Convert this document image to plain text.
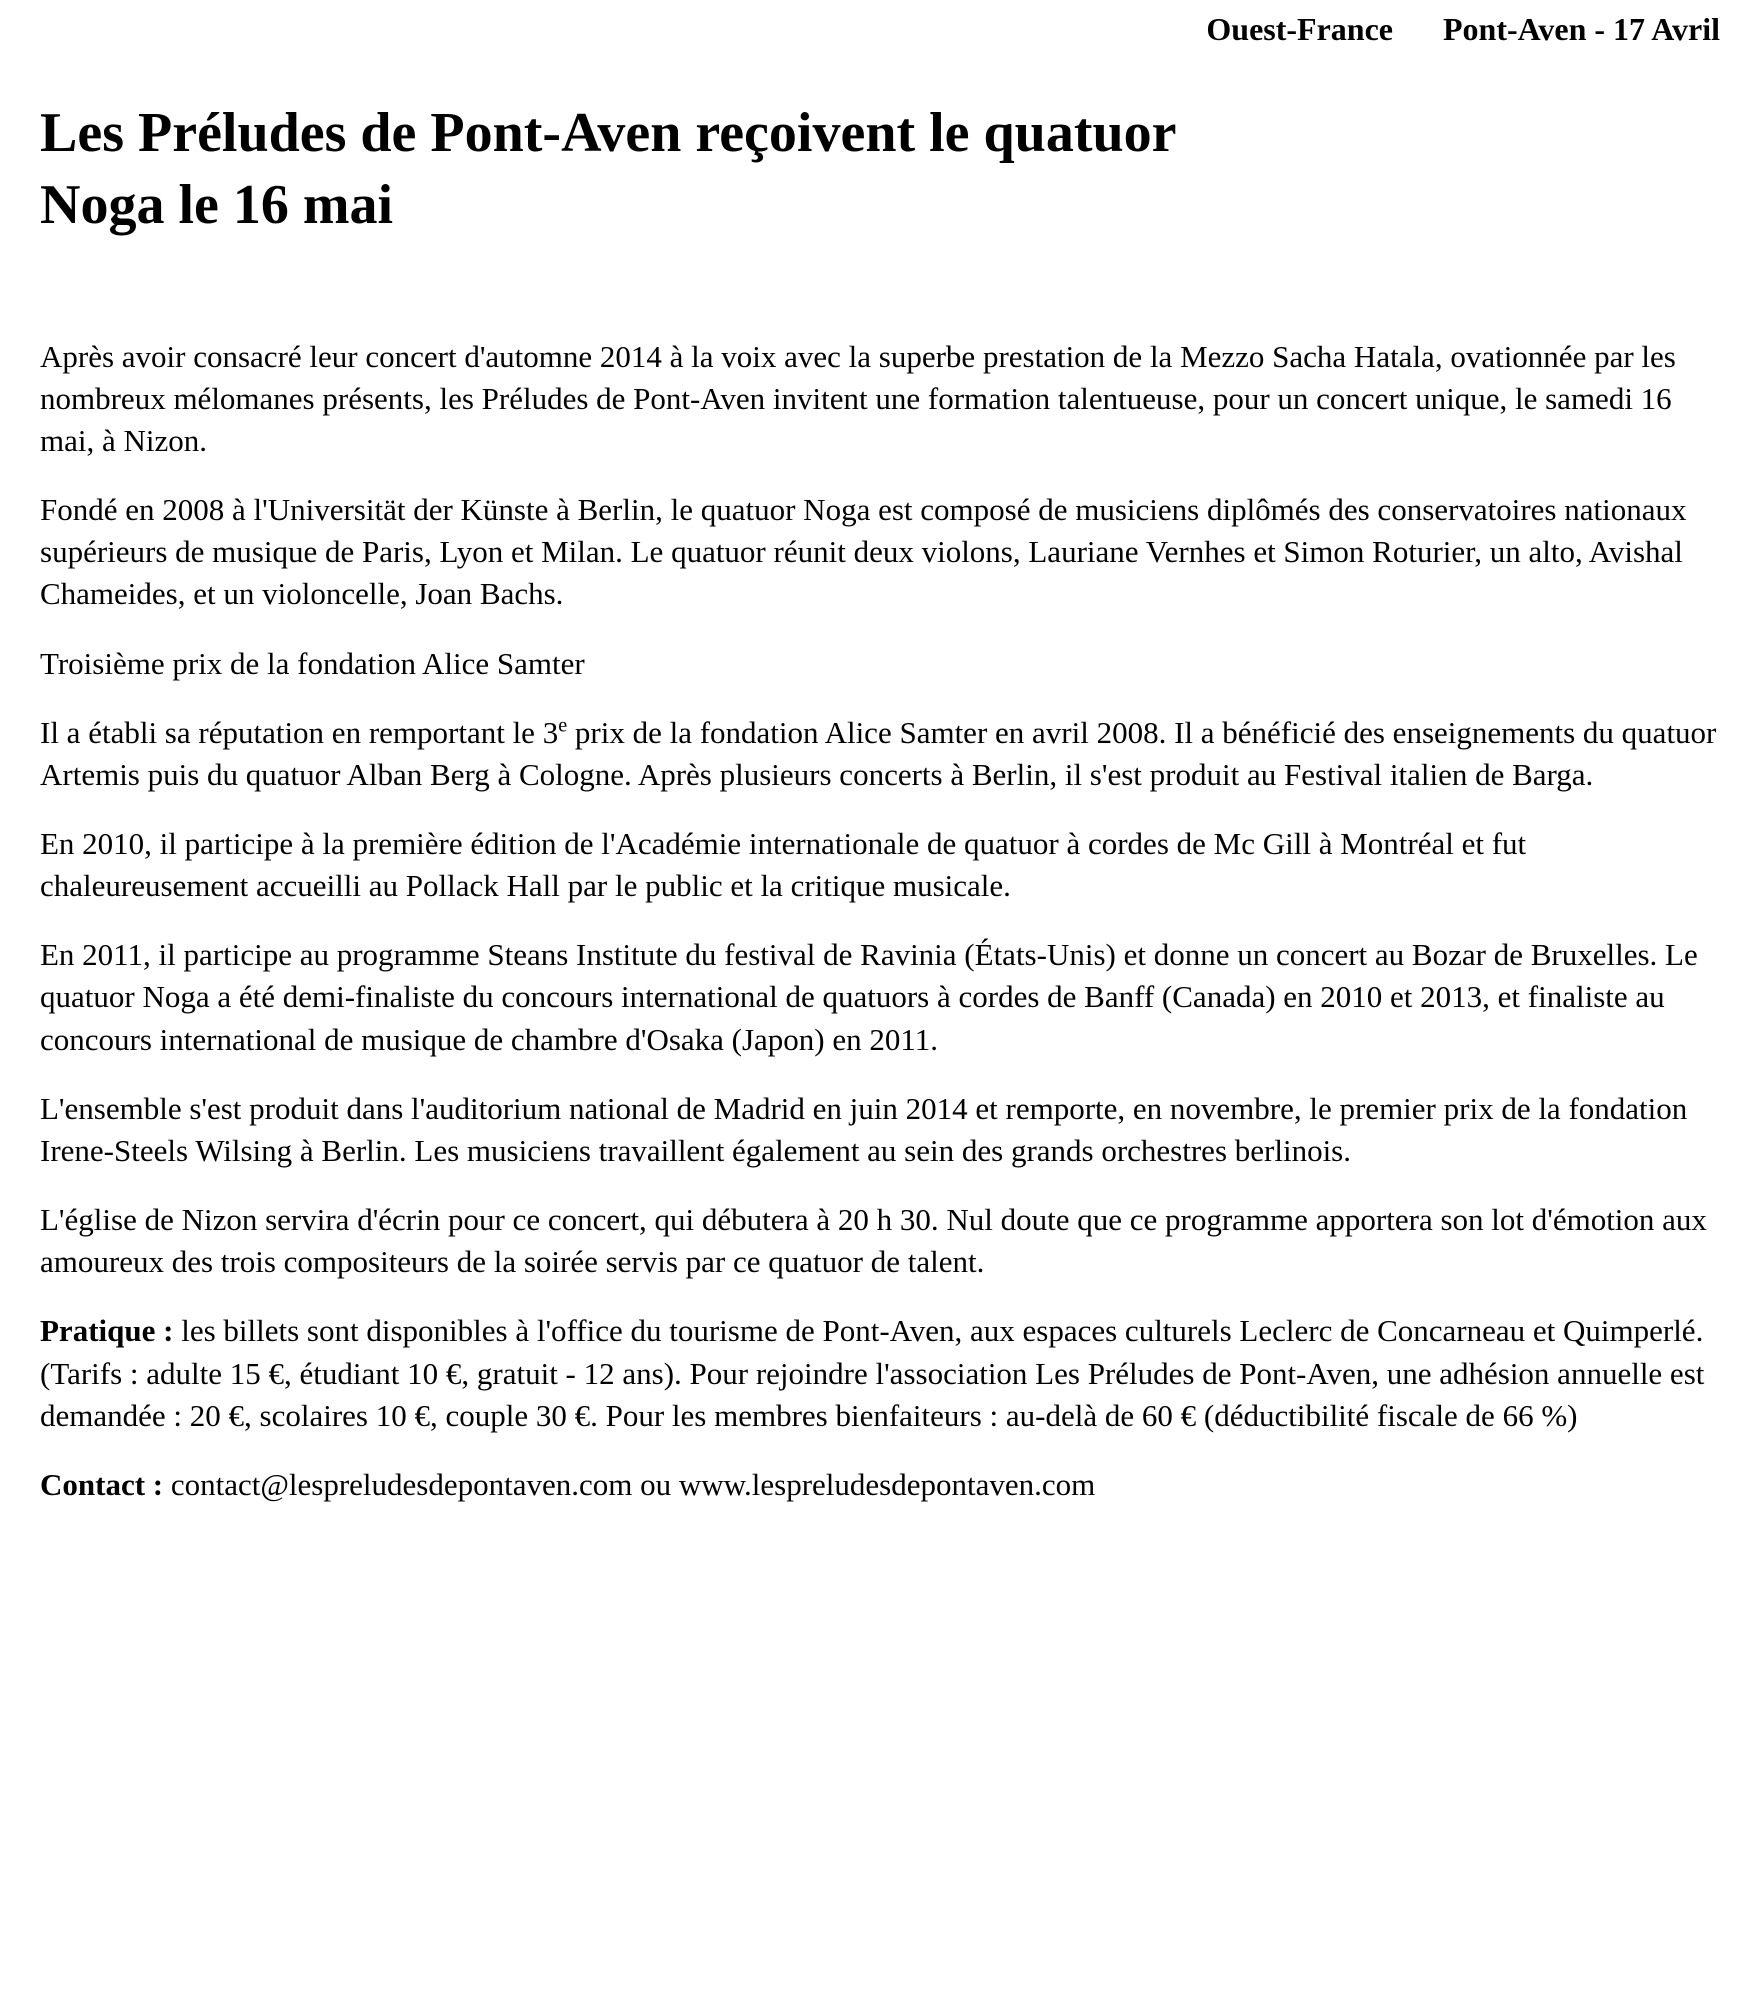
Ouest-France Pont-Aven - 17 Avril
Les Préludes de Pont-Aven reçoivent le quatuor Noga le 16 mai

Après avoir consacré leur concert d'automne 2014 à la voix avec la superbe prestation de la Mezzo Sacha Hatala, ovationnée par les nombreux mélomanes présents, les Préludes de Pont-Aven invitent une formation talentueuse, pour un concert unique, le samedi 16 mai, à Nizon.

Fondé en 2008 à l'Universität der Künste à Berlin, le quatuor Noga est composé de musiciens diplômés des conservatoires nationaux supérieurs de musique de Paris, Lyon et Milan. Le quatuor réunit deux violons, Lauriane Vernhes et Simon Roturier, un alto, Avishal Chameides, et un violoncelle, Joan Bachs.

Troisième prix de la fondation Alice Samter

Il a établi sa réputation en remportant le 3e prix de la fondation Alice Samter en avril 2008. Il a bénéficié des enseignements du quatuor Artemis puis du quatuor Alban Berg à Cologne. Après plusieurs concerts à Berlin, il s'est produit au Festival italien de Barga.

En 2010, il participe à la première édition de l'Académie internationale de quatuor à cordes de Mc Gill à Montréal et fut chaleureusement accueilli au Pollack Hall par le public et la critique musicale.

En 2011, il participe au programme Steans Institute du festival de Ravinia (États-Unis) et donne un concert au Bozar de Bruxelles. Le quatuor Noga a été demi-finaliste du concours international de quatuors à cordes de Banff (Canada) en 2010 et 2013, et finaliste au concours international de musique de chambre d'Osaka (Japon) en 2011.

L'ensemble s'est produit dans l'auditorium national de Madrid en juin 2014 et remporte, en novembre, le premier prix de la fondation Irene-Steels Wilsing à Berlin. Les musiciens travaillent également au sein des grands orchestres berlinois.

L'église de Nizon servira d'écrin pour ce concert, qui débutera à 20 h 30. Nul doute que ce programme apportera son lot d'émotion aux amoureux des trois compositeurs de la soirée servis par ce quatuor de talent.

Pratique : les billets sont disponibles à l'office du tourisme de Pont-Aven, aux espaces culturels Leclerc de Concarneau et Quimperlé. (Tarifs : adulte 15 €, étudiant 10 €, gratuit - 12 ans). Pour rejoindre l'association Les Préludes de Pont-Aven, une adhésion annuelle est demandée : 20 €, scolaires 10 €, couple 30 €. Pour les membres bienfaiteurs : au-delà de 60 € (déductibilité fiscale de 66 %)

Contact : contact@lespreludesdepontaven.com ou www.lespreludesdepontaven.com
